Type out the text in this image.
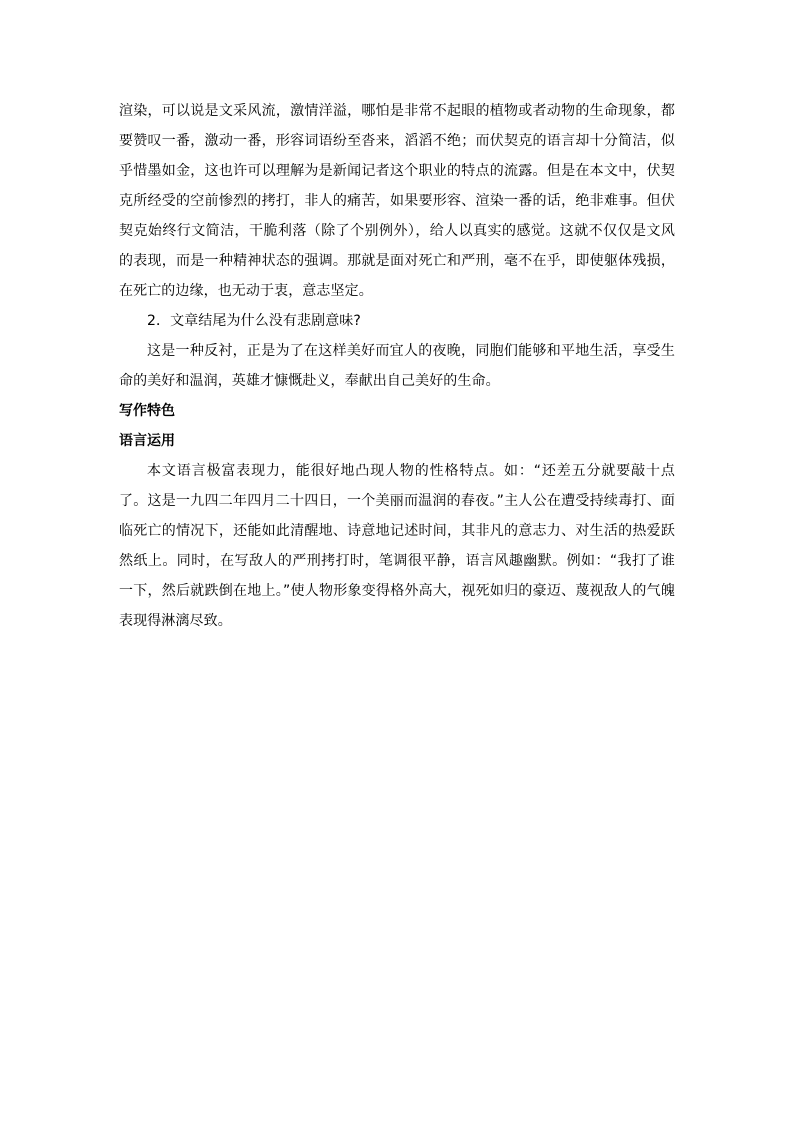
渲染，可以说是文采风流，激情洋溢，哪怕是非常不起眼的植物或者动物的生命现象，都要赞叹一番，激动一番，形容词语纷至沓来，滔滔不绝；而伏契克的语言却十分简洁，似乎惜墨如金，这也许可以理解为是新闻记者这个职业的特点的流露。但是在本文中，伏契克所经受的空前惨烈的拷打，非人的痛苦，如果要形容、渲染一番的话，绝非难事。但伏契克始终行文简洁，干脆利落（除了个别例外），给人以真实的感觉。这就不仅仅是文风的表现，而是一种精神状态的强调。那就是面对死亡和严刑，毫不在乎，即使躯体残损，在死亡的边缘，也无动于衷，意志坚定。

2．文章结尾为什么没有悲剧意味?

这是一种反衬，正是为了在这样美好而宜人的夜晚，同胞们能够和平地生活，享受生命的美好和温润，英雄才慷慨赴义，奉献出自己美好的生命。

写作特色

语言运用

本文语言极富表现力，能很好地凸现人物的性格特点。如：“还差五分就要敲十点了。这是一九四二年四月二十四日，一个美丽而温润的春夜。”主人公在遭受持续毒打、面临死亡的情况下，还能如此清醒地、诗意地记述时间，其非凡的意志力、对生活的热爱跃然纸上。同时，在写敌人的严刑拷打时，笔调很平静，语言风趣幽默。例如：“我打了谁一下，然后就跌倒在地上。”使人物形象变得格外高大，视死如归的豪迈、蔑视敌人的气魄表现得淋漓尽致。
